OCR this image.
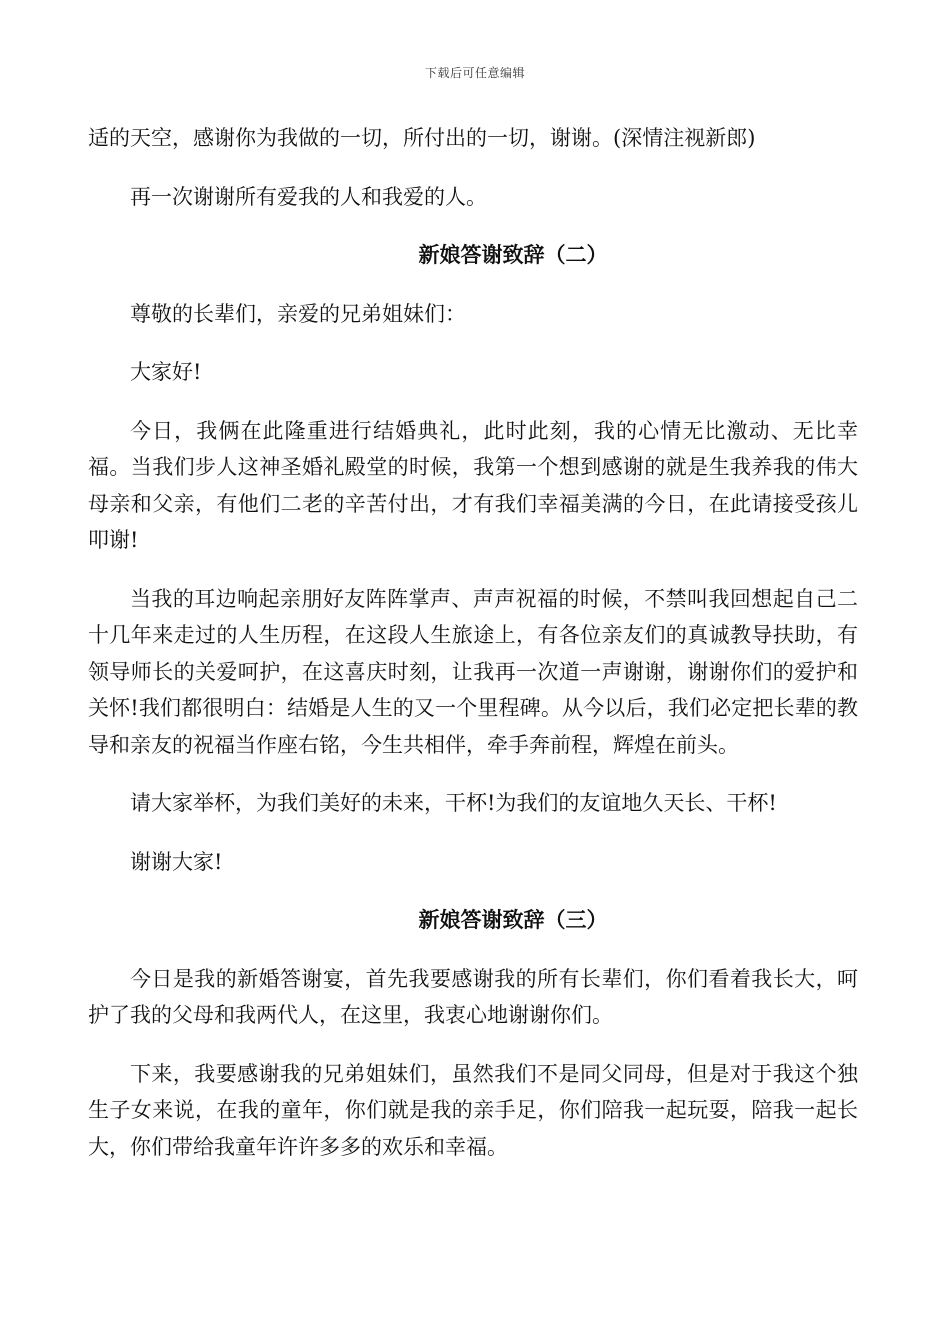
下载后可任意编辑

适的天空，感谢你为我做的一切，所付出的一切，谢谢。(深情注视新郎)

再一次谢谢所有爱我的人和我爱的人。

新娘答谢致辞（二）

尊敬的长辈们，亲爱的兄弟姐妹们：

大家好!

今日，我俩在此隆重进行结婚典礼，此时此刻，我的心情无比激动、无比幸福。当我们步人这神圣婚礼殿堂的时候，我第一个想到感谢的就是生我养我的伟大母亲和父亲，有他们二老的辛苦付出，才有我们幸福美满的今日，在此请接受孩儿叩谢!

当我的耳边响起亲朋好友阵阵掌声、声声祝福的时候，不禁叫我回想起自己二十几年来走过的人生历程，在这段人生旅途上，有各位亲友们的真诚教导扶助，有领导师长的关爱呵护，在这喜庆时刻，让我再一次道一声谢谢，谢谢你们的爱护和关怀!我们都很明白：结婚是人生的又一个里程碑。从今以后，我们必定把长辈的教导和亲友的祝福当作座右铭，今生共相伴，牵手奔前程，辉煌在前头。

请大家举杯，为我们美好的未来，干杯!为我们的友谊地久天长、干杯!

谢谢大家!

新娘答谢致辞（三）

今日是我的新婚答谢宴，首先我要感谢我的所有长辈们，你们看着我长大，呵护了我的父母和我两代人，在这里，我衷心地谢谢你们。

下来，我要感谢我的兄弟姐妹们，虽然我们不是同父同母，但是对于我这个独生子女来说，在我的童年，你们就是我的亲手足，你们陪我一起玩耍，陪我一起长大，你们带给我童年许许多多的欢乐和幸福。
